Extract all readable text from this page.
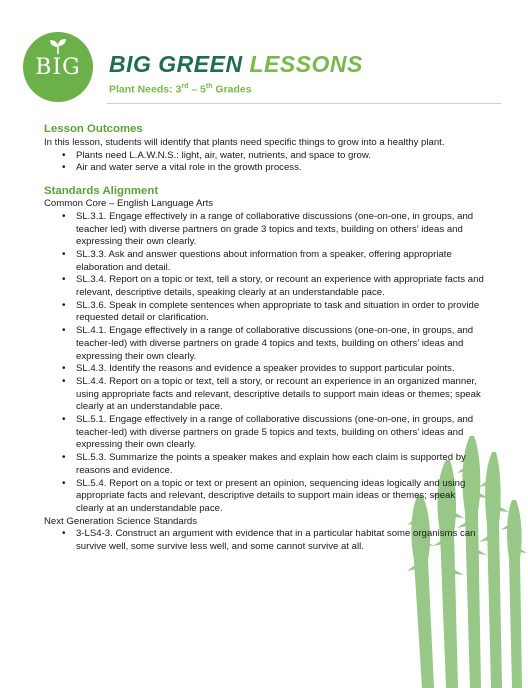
BIG	BIG GREEN LESSONS
Plant Needs: 3rd – 5th Grades
Lesson Outcomes
In this lesson, students will identify that plants need specific things to grow into a healthy plant.
• Plants need L.A.W.N.S.: light, air, water, nutrients, and space to grow.
• Air and water serve a vital role in the growth process.
Standards Alignment
Common Core – English Language Arts
• SL.3.1. Engage effectively in a range of collaborative discussions (one-on-one, in groups, and teacher led) with diverse partners on grade 3 topics and texts, building on others’ ideas and expressing their own clearly.
• SL.3.3. Ask and answer questions about information from a speaker, offering appropriate elaboration and detail.
• SL.3.4. Report on a topic or text, tell a story, or recount an experience with appropriate facts and relevant, descriptive details, speaking clearly at an understandable pace.
• SL.3.6. Speak in complete sentences when appropriate to task and situation in order to provide requested detail or clarification.
• SL.4.1. Engage effectively in a range of collaborative discussions (one-on-one, in groups, and teacher-led) with diverse partners on grade 4 topics and texts, building on others’ ideas and expressing their own clearly.
• SL.4.3. Identify the reasons and evidence a speaker provides to support particular points.
• SL.4.4. Report on a topic or text, tell a story, or recount an experience in an organized manner, using appropriate facts and relevant, descriptive details to support main ideas or themes; speak clearly at an understandable pace.
• SL.5.1. Engage effectively in a range of collaborative discussions (one-on-one, in groups, and teacher-led) with diverse partners on grade 5 topics and texts, building on others’ ideas and expressing their own clearly.
• SL.5.3. Summarize the points a speaker makes and explain how each claim is supported by reasons and evidence.
• SL.5.4. Report on a topic or text or present an opinion, sequencing ideas logically and using appropriate facts and relevant, descriptive details to support main ideas or themes; speak clearly at an understandable pace.
Next Generation Science Standards
• 3-LS4-3. Construct an argument with evidence that in a particular habitat some organisms can survive well, some survive less well, and some cannot survive at all.
